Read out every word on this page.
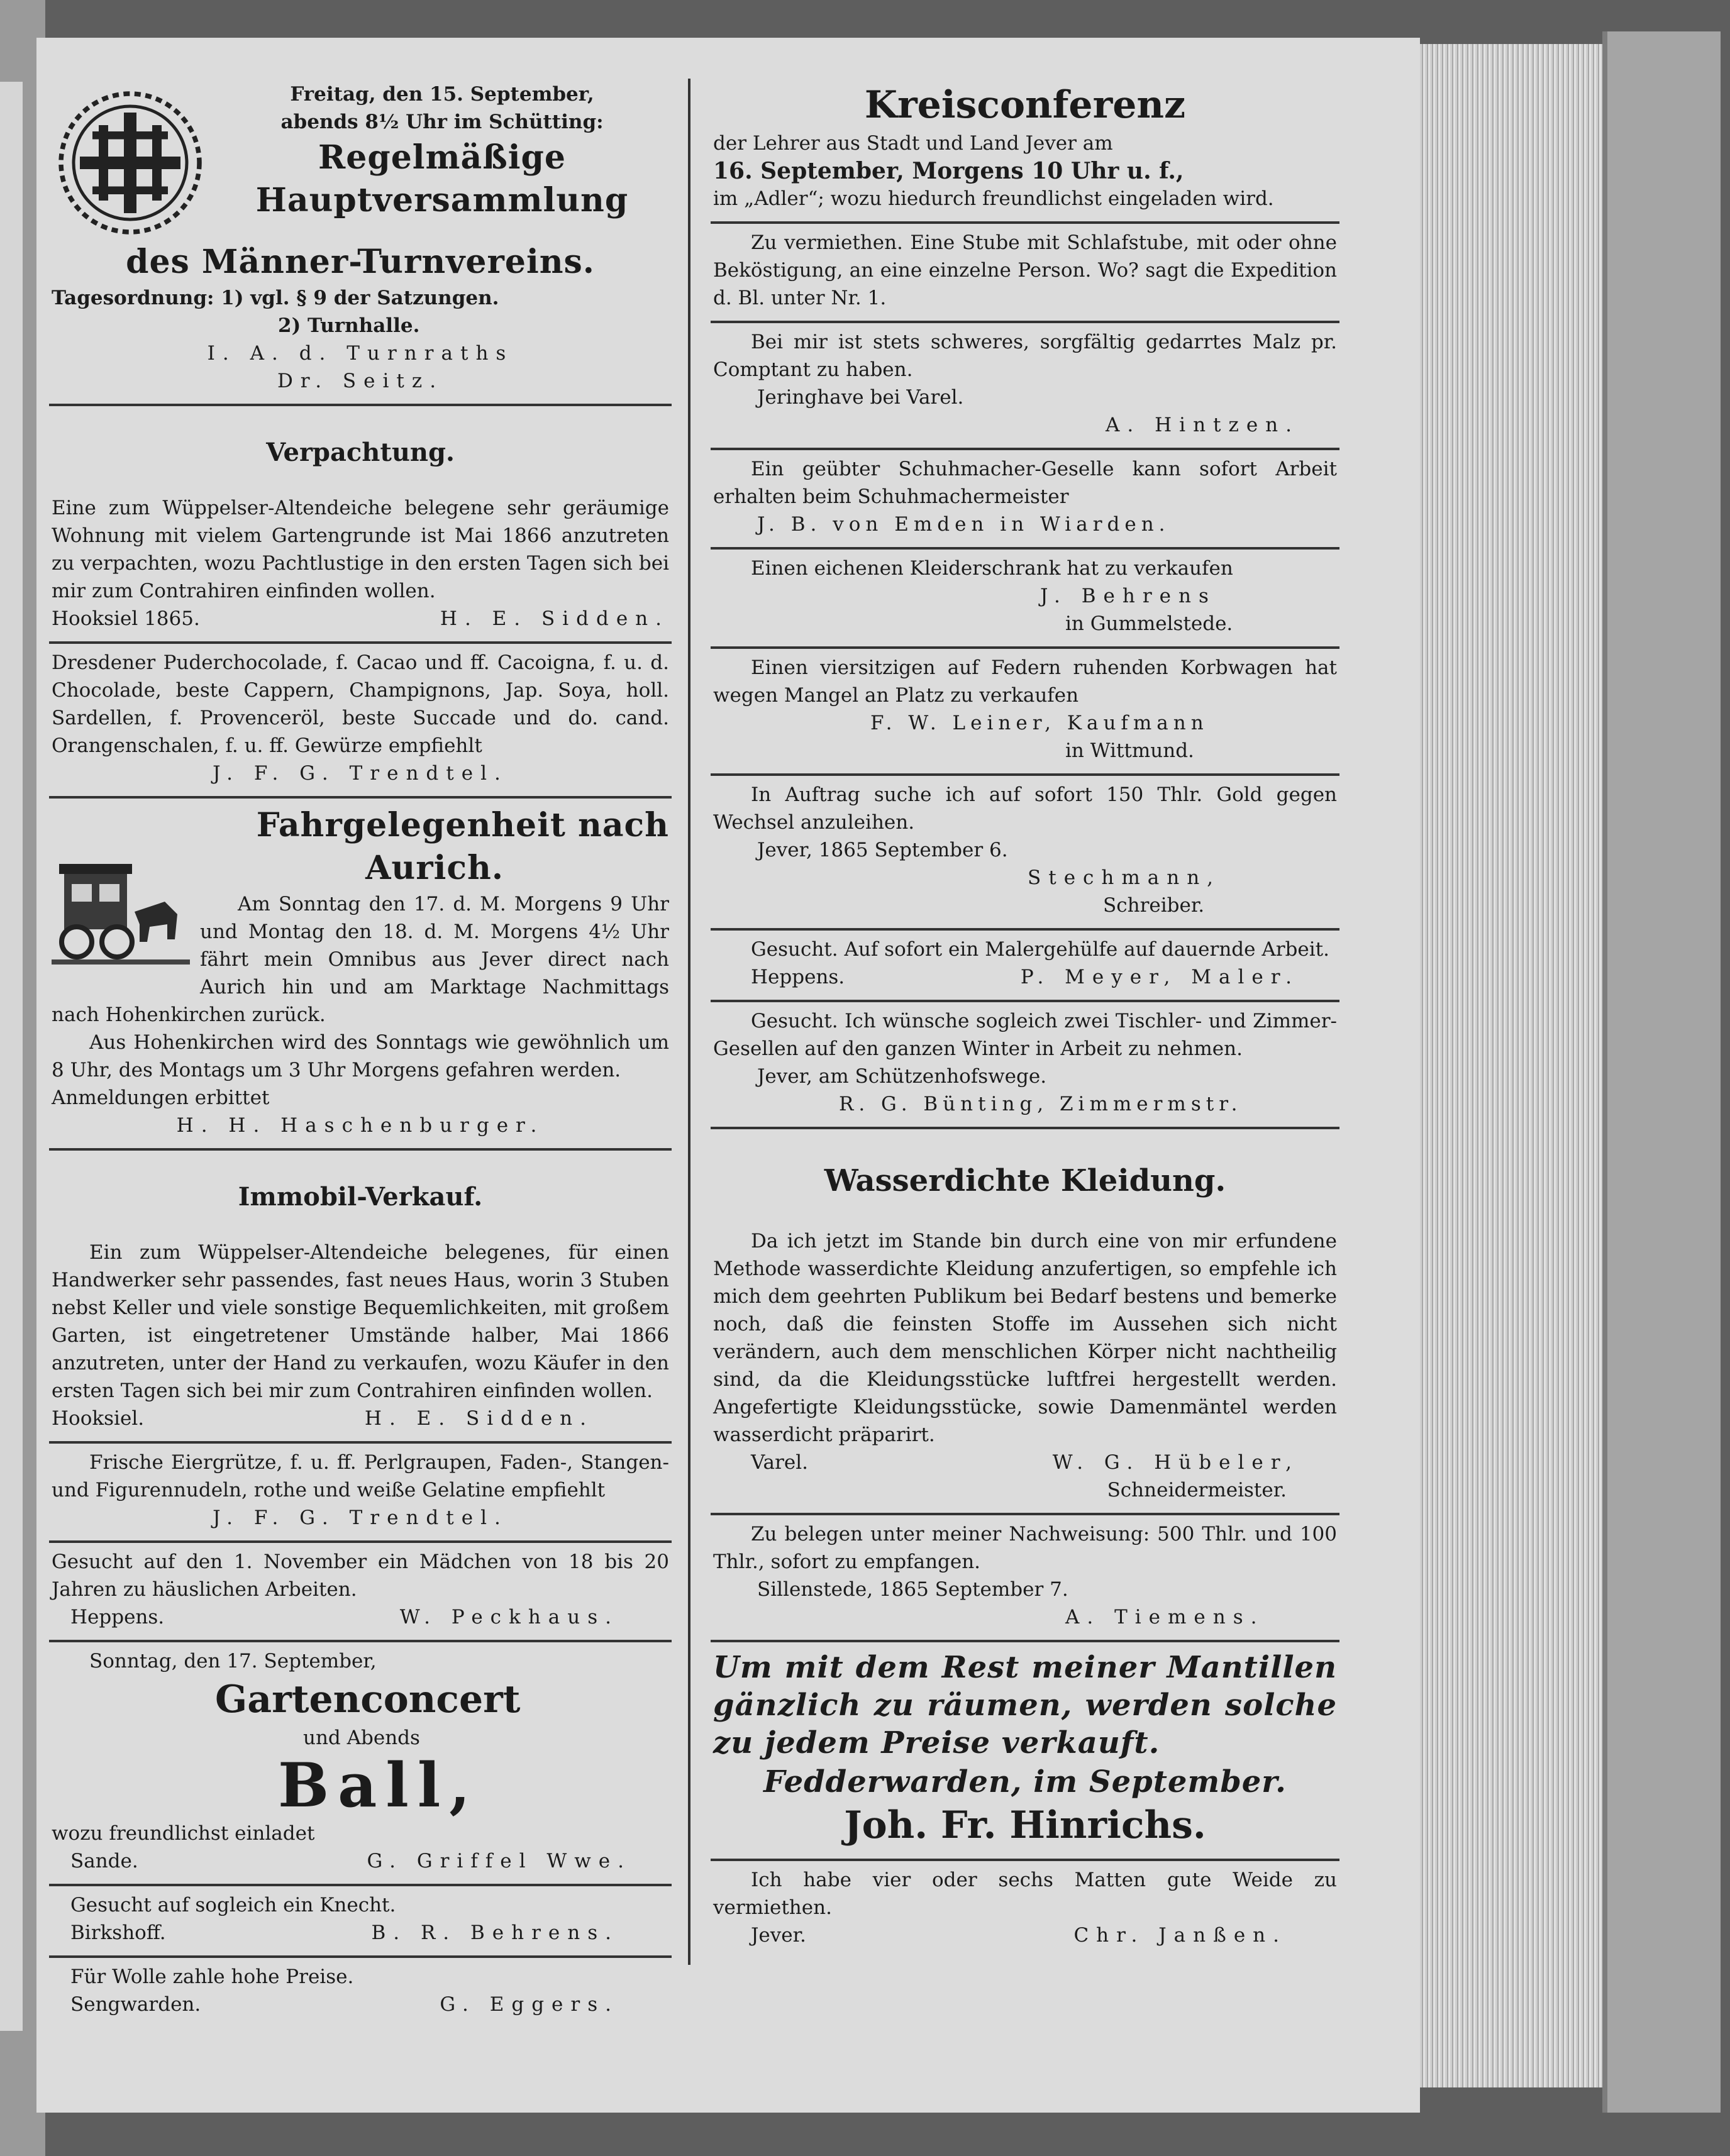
Freitag, den 15. September,

abends 8½ Uhr im Schütting:

Regelmäßige

Hauptversammlung

des Männer-Turnvereins.

Tagesordnung: 1) vgl. § 9 der Satzungen.

2) Turnhalle.

I. A. d. Turnraths

Dr. Seitz.

Verpachtung.

Eine zum Wüppelser-Altendeiche belegene sehr geräumige Wohnung mit vielem Gartengrunde ist Mai 1866 anzutreten zu verpachten, wozu Pachtlustige in den ersten Tagen sich bei mir zum Contrahiren einfinden wollen.

Hooksiel 1865.	H. E. Sidden.

Dresdener Puderchocolade, f. Cacao und ff. Cacoigna, f. u. d. Chocolade, beste Cappern, Champignons, Jap. Soya, holl. Sardellen, f. Provenceröl, beste Succade und do. cand. Orangenschalen, f. u. ff. Gewürze empfiehlt

J. F. G. Trendtel.

Fahrgelegenheit nach

Aurich.

Am Sonntag den 17. d. M. Morgens 9 Uhr und Montag den 18. d. M. Morgens 4½ Uhr fährt mein Omnibus aus Jever direct nach Aurich hin und am Marktage Nachmittags nach Hohenkirchen zurück.

Aus Hohenkirchen wird des Sonntags wie gewöhnlich um 8 Uhr, des Montags um 3 Uhr Morgens gefahren werden.

Anmeldungen erbittet

H. H. Haschenburger.

Immobil-Verkauf.

Ein zum Wüppelser-Altendeiche belegenes, für einen Handwerker sehr passendes, fast neues Haus, worin 3 Stuben nebst Keller und viele sonstige Bequemlichkeiten, mit großem Garten, ist eingetretener Umstände halber, Mai 1866 anzutreten, unter der Hand zu verkaufen, wozu Käufer in den ersten Tagen sich bei mir zum Contrahiren einfinden wollen.

Hooksiel.	H. E. Sidden.

Frische Eiergrütze, f. u. ff. Perlgraupen, Faden-, Stangen- und Figurennudeln, rothe und weiße Gelatine empfiehlt

J. F. G. Trendtel.

Gesucht auf den 1. November ein Mädchen von 18 bis 20 Jahren zu häuslichen Arbeiten.

Heppens.	W. Peckhaus.

Sonntag, den 17. September,

Gartenconcert

und Abends

Ball,

wozu freundlichst einladet

Sande.	G. Griffel Wwe.

Gesucht auf sogleich ein Knecht.

Birkshoff.	B. R. Behrens.

Für Wolle zahle hohe Preise.

Sengwarden.	G. Eggers.

Kreisconferenz

der Lehrer aus Stadt und Land Jever am

16. September, Morgens 10 Uhr u. f.,

im „Adler“; wozu hiedurch freundlichst eingeladen wird.

Zu vermiethen. Eine Stube mit Schlafstube, mit oder ohne Beköstigung, an eine einzelne Person. Wo? sagt die Expedition d. Bl. unter Nr. 1.

Bei mir ist stets schweres, sorgfältig gedarrtes Malz pr. Comptant zu haben.

Jeringhave bei Varel.

A. Hintzen.

Ein geübter Schuhmacher-Geselle kann sofort Arbeit erhalten beim Schuhmachermeister

J. B. von Emden in Wiarden.

Einen eichenen Kleiderschrank hat zu verkaufen

J. Behrens

in Gummelstede.

Einen viersitzigen auf Federn ruhenden Korbwagen hat wegen Mangel an Platz zu verkaufen

F. W. Leiner, Kaufmann

in Wittmund.

In Auftrag suche ich auf sofort 150 Thlr. Gold gegen Wechsel anzuleihen.

Jever, 1865 September 6.

Stechmann,

Schreiber.

Gesucht. Auf sofort ein Malergehülfe auf dauernde Arbeit.

Heppens.	P. Meyer, Maler.

Gesucht. Ich wünsche sogleich zwei Tischler- und Zimmer-Gesellen auf den ganzen Winter in Arbeit zu nehmen.

Jever, am Schützenhofswege.

R. G. Bünting, Zimmermstr.

Wasserdichte Kleidung.

Da ich jetzt im Stande bin durch eine von mir erfundene Methode wasserdichte Kleidung anzufertigen, so empfehle ich mich dem geehrten Publikum bei Bedarf bestens und bemerke noch, daß die feinsten Stoffe im Aussehen sich nicht verändern, auch dem menschlichen Körper nicht nachtheilig sind, da die Kleidungsstücke luftfrei hergestellt werden. Angefertigte Kleidungsstücke, sowie Damenmäntel werden wasserdicht präparirt.

Varel.	W. G. Hübeler,

Schneidermeister.

Zu belegen unter meiner Nachweisung: 500 Thlr. und 100 Thlr., sofort zu empfangen.

Sillenstede, 1865 September 7.

A. Tiemens.

Um mit dem Rest meiner Mantillen gänzlich zu räumen, werden solche zu jedem Preise verkauft.

Fedderwarden, im September.

Joh. Fr. Hinrichs.

Ich habe vier oder sechs Matten gute Weide zu vermiethen.

Jever.	Chr. Janßen.
